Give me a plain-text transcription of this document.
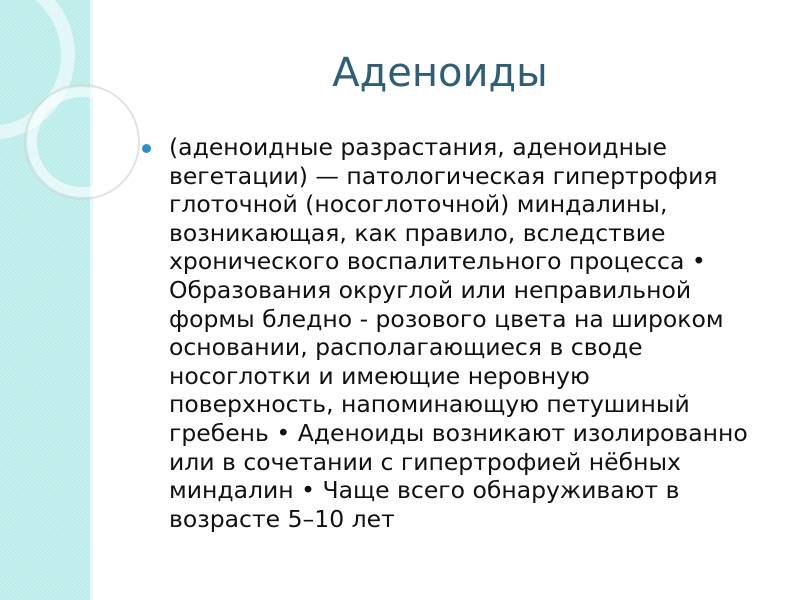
Аденоиды
(аденоидные разрастания, аденоидные вегетации) — патологическая гипертрофия глоточной (носоглоточной) миндалины, возникающая, как правило, вследствие хронического воспалительного процесса • Образования округлой или неправильной формы бледно - розового цвета на широком основании, располагающиеся в своде носоглотки и имеющие неровную поверхность, напоминающую петушиный гребень • Аденоиды возникают изолированно или в сочетании с гипертрофией нёбных миндалин • Чаще всего обнаруживают в возрасте 5–10 лет
